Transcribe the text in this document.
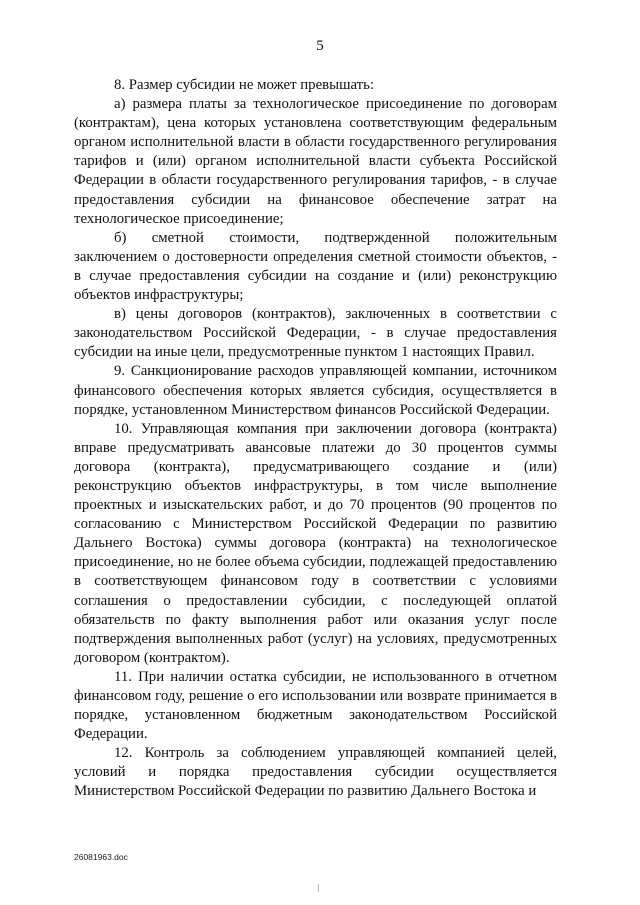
5

8. Размер субсидии не может превышать:

а) размера платы за технологическое присоединение по договорам (контрактам), цена которых установлена соответствующим федеральным органом исполнительной власти в области государственного регулирования тарифов и (или) органом исполнительной власти субъекта Российской Федерации в области государственного регулирования тарифов, - в случае предоставления субсидии на финансовое обеспечение затрат на технологическое присоединение;

б) сметной стоимости, подтвержденной положительным заключением о достоверности определения сметной стоимости объектов, - в случае предоставления субсидии на создание и (или) реконструкцию объектов инфраструктуры;

в) цены договоров (контрактов), заключенных в соответствии с законодательством Российской Федерации, - в случае предоставления субсидии на иные цели, предусмотренные пунктом 1 настоящих Правил.

9. Санкционирование расходов управляющей компании, источником финансового обеспечения которых является субсидия, осуществляется в порядке, установленном Министерством финансов Российской Федерации.

10. Управляющая компания при заключении договора (контракта) вправе предусматривать авансовые платежи до 30 процентов суммы договора (контракта), предусматривающего создание и (или) реконструкцию объектов инфраструктуры, в том числе выполнение проектных и изыскательских работ, и до 70 процентов (90 процентов по согласованию с Министерством Российской Федерации по развитию Дальнего Востока) суммы договора (контракта) на технологическое присоединение, но не более объема субсидии, подлежащей предоставлению в соответствующем финансовом году в соответствии с условиями соглашения о предоставлении субсидии, с последующей оплатой обязательств по факту выполнения работ или оказания услуг после подтверждения выполненных работ (услуг) на условиях, предусмотренных договором (контрактом).

11. При наличии остатка субсидии, не использованного в отчетном финансовом году, решение о его использовании или возврате принимается в порядке, установленном бюджетным законодательством Российской Федерации.

12. Контроль за соблюдением управляющей компанией целей, условий и порядка предоставления субсидии осуществляется Министерством Российской Федерации по развитию Дальнего Востока и

26081963.doc
